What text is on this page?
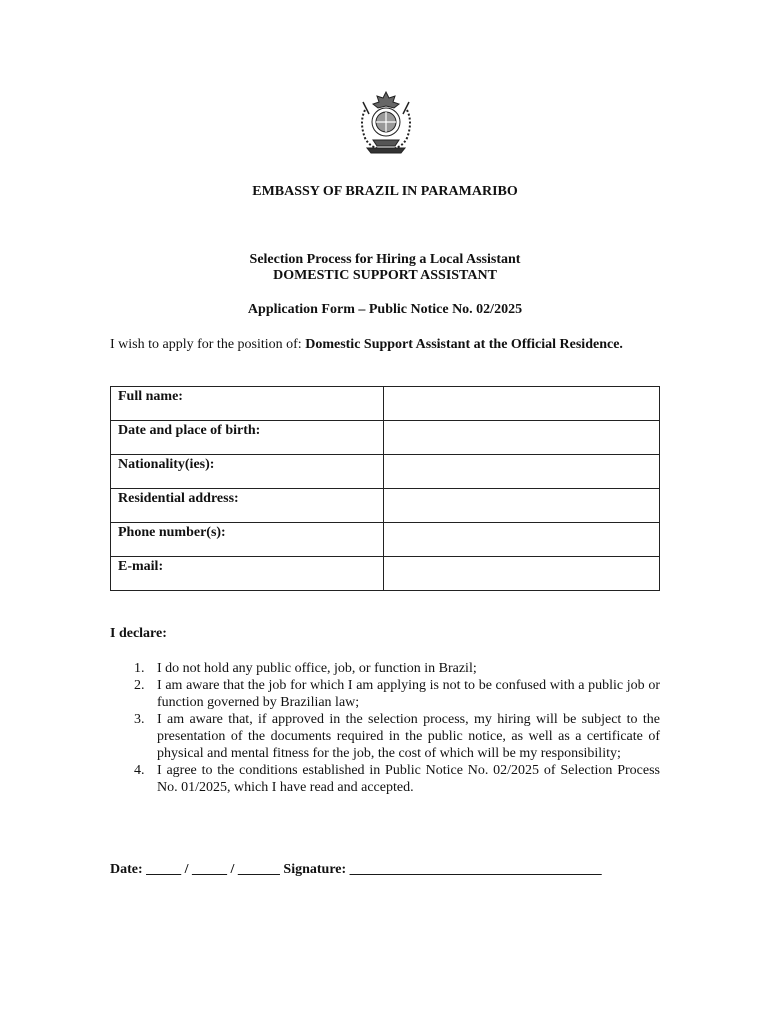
EMBASSY OF BRAZIL IN PARAMARIBO
Selection Process for Hiring a Local Assistant
DOMESTIC SUPPORT ASSISTANT
Application Form – Public Notice No. 02/2025
I wish to apply for the position of: Domestic Support Assistant at the Official Residence.
Full name:	
Date and place of birth:	
Nationality(ies):	
Residential address:	
Phone number(s):	
E-mail:	
I declare:
1. I do not hold any public office, job, or function in Brazil;
2. I am aware that the job for which I am applying is not to be confused with a public job or function governed by Brazilian law;
3. I am aware that, if approved in the selection process, my hiring will be subject to the presentation of the documents required in the public notice, as well as a certificate of physical and mental fitness for the job, the cost of which will be my responsibility;
4. I agree to the conditions established in Public Notice No. 02/2025 of Selection Process No. 01/2025, which I have read and accepted.
Date: _____ / _____ / ______ Signature: ____________________________________
